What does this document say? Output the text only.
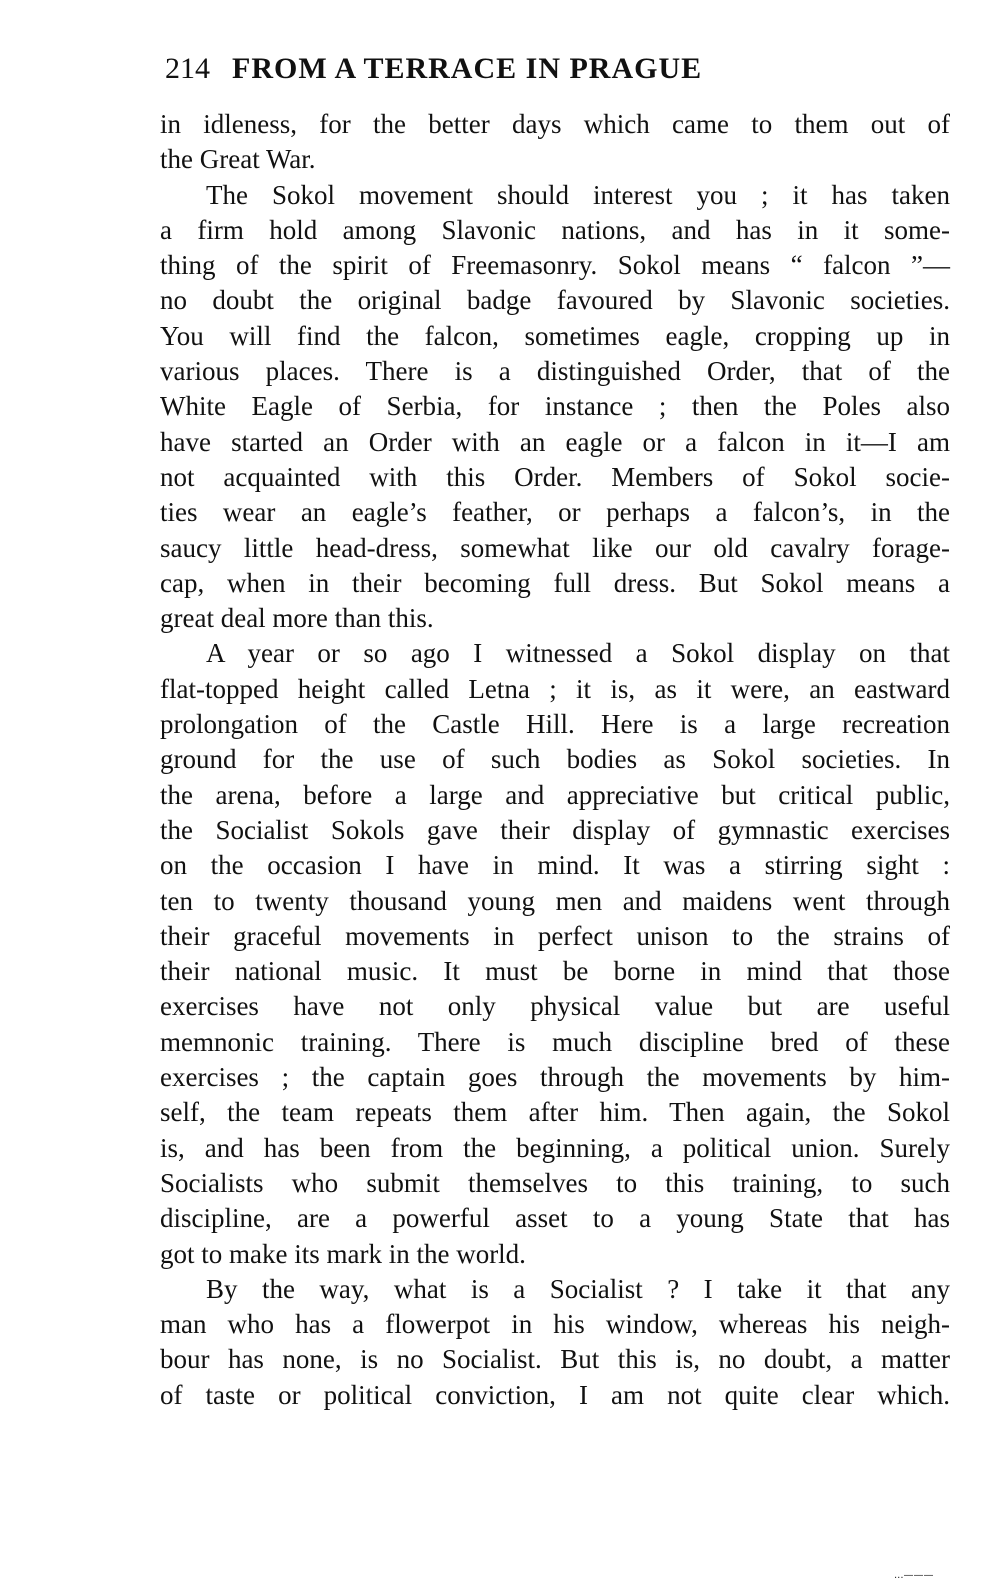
214 FROM A TERRACE IN PRAGUE
in idleness, for the better days which came to them out of
the Great War.
The Sokol movement should interest you ; it has taken
a firm hold among Slavonic nations, and has in it some-
thing of the spirit of Freemasonry. Sokol means “ falcon ”—
no doubt the original badge favoured by Slavonic societies.
You will find the falcon, sometimes eagle, cropping up in
various places. There is a distinguished Order, that of the
White Eagle of Serbia, for instance ; then the Poles also
have started an Order with an eagle or a falcon in it—I am
not acquainted with this Order. Members of Sokol socie-
ties wear an eagle’s feather, or perhaps a falcon’s, in the
saucy little head-dress, somewhat like our old cavalry forage-
cap, when in their becoming full dress. But Sokol means a
great deal more than this.
A year or so ago I witnessed a Sokol display on that
flat-topped height called Letna ; it is, as it were, an eastward
prolongation of the Castle Hill. Here is a large recreation
ground for the use of such bodies as Sokol societies. In
the arena, before a large and appreciative but critical public,
the Socialist Sokols gave their display of gymnastic exercises
on the occasion I have in mind. It was a stirring sight :
ten to twenty thousand young men and maidens went through
their graceful movements in perfect unison to the strains of
their national music. It must be borne in mind that those
exercises have not only physical value but are useful
memnonic training. There is much discipline bred of these
exercises ; the captain goes through the movements by him-
self, the team repeats them after him. Then again, the Sokol
is, and has been from the beginning, a political union. Surely
Socialists who submit themselves to this training, to such
discipline, are a powerful asset to a young State that has
got to make its mark in the world.
By the way, what is a Socialist ? I take it that any
man who has a flowerpot in his window, whereas his neigh-
bour has none, is no Socialist. But this is, no doubt, a matter
of taste or political conviction, I am not quite clear which.
...———
